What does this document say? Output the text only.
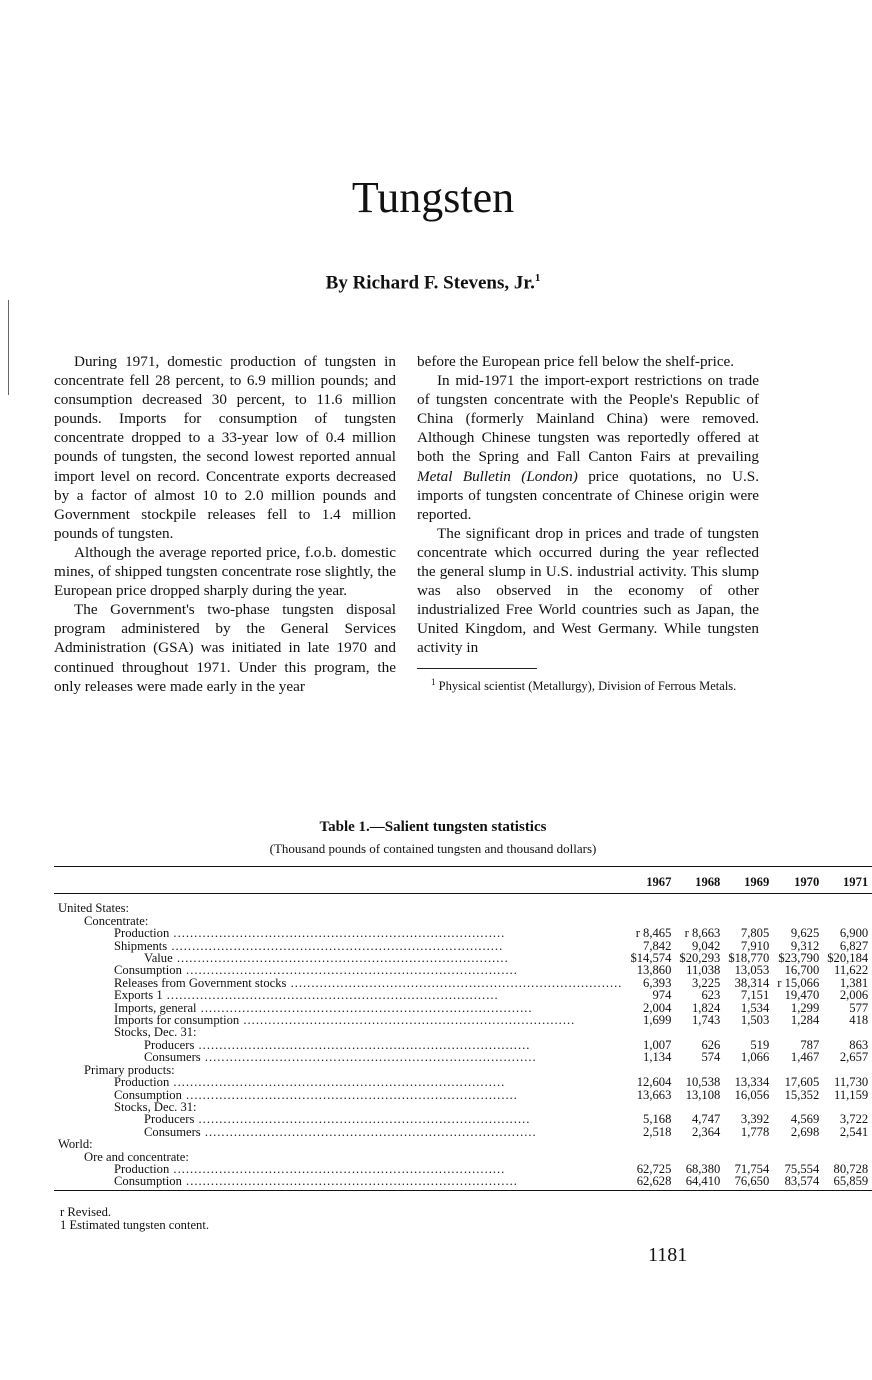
Tungsten
By Richard F. Stevens, Jr.$^1$

During 1971, domestic production of tungsten in concentrate fell 28 percent, to 6.9 million pounds; and consumption decreased 30 percent, to 11.6 million pounds. Imports for consumption of tungsten concentrate dropped to a 33-year low of 0.4 million pounds of tungsten, the second lowest reported annual import level on record. Concentrate exports decreased by a factor of almost 10 to 2.0 million pounds and Government stockpile releases fell to 1.4 million pounds of tungsten.

Although the average reported price, f.o.b. domestic mines, of shipped tungsten concentrate rose slightly, the European price dropped sharply during the year.

The Government's two-phase tungsten disposal program administered by the General Services Administration (GSA) was initiated in late 1970 and continued throughout 1971. Under this program, the only releases were made early in the year

before the European price fell below the shelf-price.

In mid-1971 the import-export restrictions on trade of tungsten concentrate with the People's Republic of China (formerly Mainland China) were removed. Although Chinese tungsten was reportedly offered at both the Spring and Fall Canton Fairs at prevailing Metal Bulletin (London) price quotations, no U.S. imports of tungsten concentrate of Chinese origin were reported.

The significant drop in prices and trade of tungsten concentrate which occurred during the year reflected the general slump in U.S. industrial activity. This slump was also observed in the economy of other industrialized Free World countries such as Japan, the United Kingdom, and West Germany. While tungsten activity in

$^1$ Physical scientist (Metallurgy), Division of Ferrous Metals.
Table 1.—Salient tungsten statistics
(Thousand pounds of contained tungsten and thousand dollars)
	1967	1968	1969	1970	1971
United States:					
Concentrate:					
Production .....	r 8,465	r 8,663	7,805	9,625	6,900
Shipments .....	7,842	9,042	7,910	9,312	6,827
Value .....	$14,574	$20,293	$18,770	$23,790	$20,184
Consumption .....	13,860	11,038	13,053	16,700	11,622
Releases from Government stocks .....	6,393	3,225	38,314	r 15,066	1,381
Exports 1 .....	974	623	7,151	19,470	2,006
Imports, general .....	2,004	1,824	1,534	1,299	577
Imports for consumption .....	1,699	1,743	1,503	1,284	418
Stocks, Dec. 31:					
Producers .....	1,007	626	519	787	863
Consumers .....	1,134	574	1,066	1,467	2,657
Primary products:					
Production .....	12,604	10,538	13,334	17,605	11,730
Consumption .....	13,663	13,108	16,056	15,352	11,159
Stocks, Dec. 31:					
Producers .....	5,168	4,747	3,392	4,569	3,722
Consumers .....	2,518	2,364	1,778	2,698	2,541
World:					
Ore and concentrate:					
Production .....	62,725	68,380	71,754	75,554	80,728
Consumption .....	62,628	64,410	76,650	83,574	65,859
r Revised.
1 Estimated tungsten content.
1181
